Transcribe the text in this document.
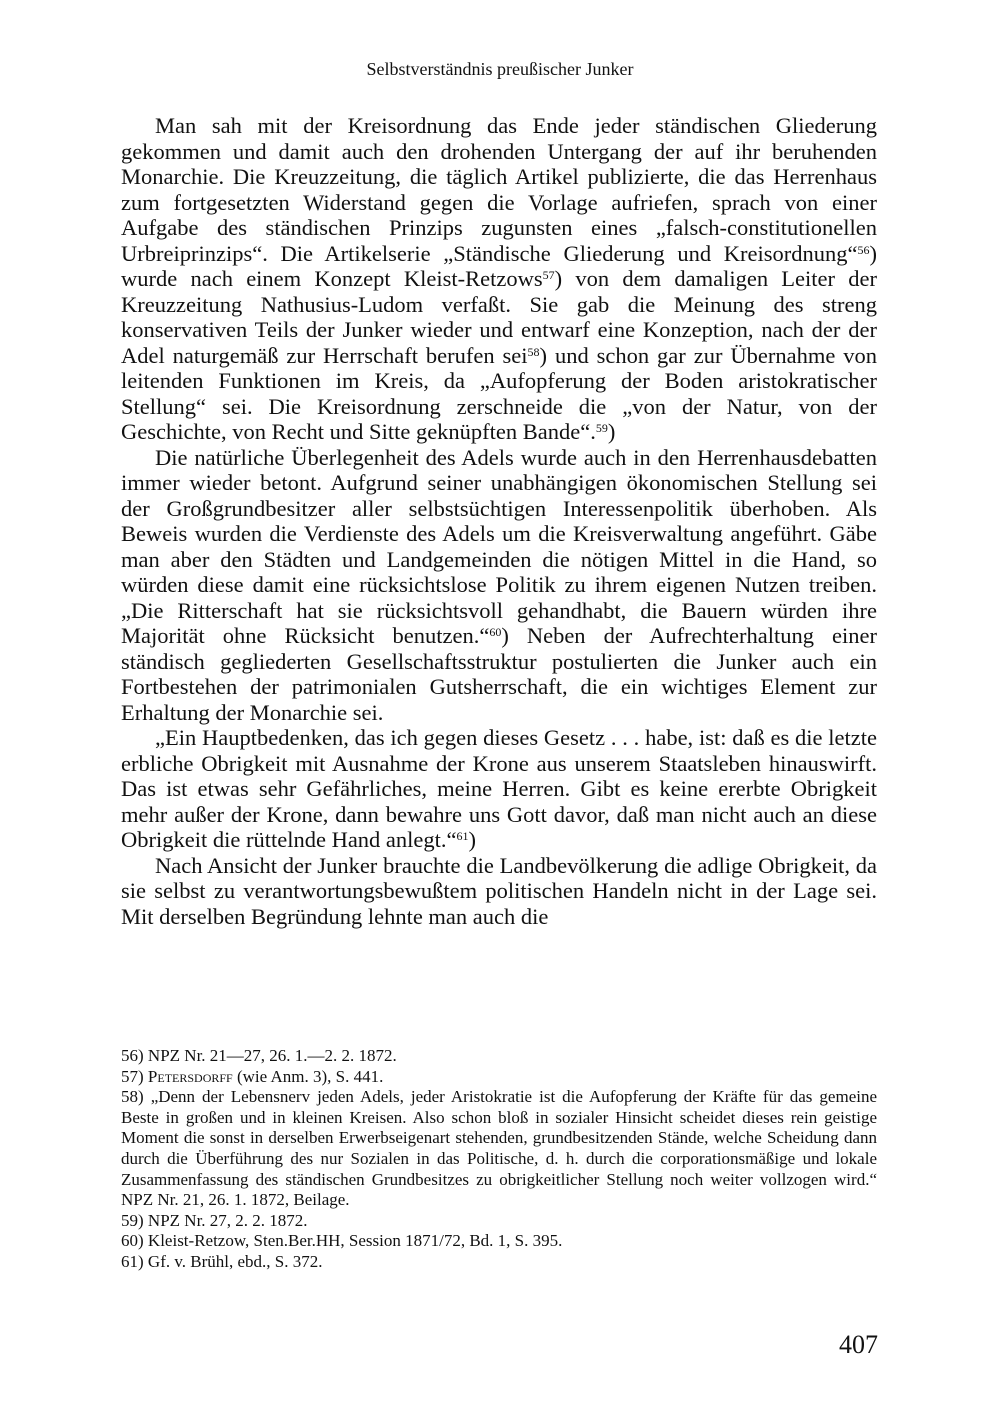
Selbstverständnis preußischer Junker

Man sah mit der Kreisordnung das Ende jeder ständischen Gliederung gekommen und damit auch den drohenden Untergang der auf ihr beruhenden Monarchie. Die Kreuzzeitung, die täglich Artikel publizierte, die das Herrenhaus zum fortgesetzten Widerstand gegen die Vorlage aufriefen, sprach von einer Aufgabe des ständischen Prinzips zugunsten eines „falsch-constitutionellen Urbreiprinzips“. Die Artikelserie „Ständische Gliederung und Kreisordnung“$^{56}$) wurde nach einem Konzept Kleist-Retzows$^{57}$) von dem damaligen Leiter der Kreuzzeitung Nathusius-Ludom verfaßt. Sie gab die Meinung des streng konservativen Teils der Junker wieder und entwarf eine Konzeption, nach der der Adel naturgemäß zur Herrschaft berufen sei$^{58}$) und schon gar zur Übernahme von leitenden Funktionen im Kreis, da „Aufopferung der Boden aristokratischer Stellung“ sei. Die Kreisordnung zerschneide die „von der Natur, von der Geschichte, von Recht und Sitte geknüpften Bande“.$^{59}$)

Die natürliche Überlegenheit des Adels wurde auch in den Herrenhausdebatten immer wieder betont. Aufgrund seiner unabhängigen ökonomischen Stellung sei der Großgrundbesitzer aller selbstsüchtigen Interessenpolitik überhoben. Als Beweis wurden die Verdienste des Adels um die Kreisverwaltung angeführt. Gäbe man aber den Städten und Landgemeinden die nötigen Mittel in die Hand, so würden diese damit eine rücksichtslose Politik zu ihrem eigenen Nutzen treiben. „Die Ritterschaft hat sie rücksichtsvoll gehandhabt, die Bauern würden ihre Majorität ohne Rücksicht benutzen.“$^{60}$) Neben der Aufrechterhaltung einer ständisch gegliederten Gesellschaftsstruktur postulierten die Junker auch ein Fortbestehen der patrimonialen Gutsherrschaft, die ein wichtiges Element zur Erhaltung der Monarchie sei.

„Ein Hauptbedenken, das ich gegen dieses Gesetz . . . habe, ist: daß es die letzte erbliche Obrigkeit mit Ausnahme der Krone aus unserem Staatsleben hinauswirft. Das ist etwas sehr Gefährliches, meine Herren. Gibt es keine ererbte Obrigkeit mehr außer der Krone, dann bewahre uns Gott davor, daß man nicht auch an diese Obrigkeit die rüttelnde Hand anlegt.“$^{61}$)

Nach Ansicht der Junker brauchte die Landbevölkerung die adlige Obrigkeit, da sie selbst zu verantwortungsbewußtem politischen Handeln nicht in der Lage sei. Mit derselben Begründung lehnte man auch die

56) NPZ Nr. 21—27, 26. 1.—2. 2. 1872.

57) Petersdorff (wie Anm. 3), S. 441.

58) „Denn der Lebensnerv jeden Adels, jeder Aristokratie ist die Aufopferung der Kräfte für das gemeine Beste in großen und in kleinen Kreisen. Also schon bloß in sozialer Hinsicht scheidet dieses rein geistige Moment die sonst in derselben Erwerbseigenart stehenden, grundbesitzenden Stände, welche Scheidung dann durch die Überführung des nur Sozialen in das Politische, d. h. durch die corporationsmäßige und lokale Zusammenfassung des ständischen Grundbesitzes zu obrigkeitlicher Stellung noch weiter vollzogen wird.“ NPZ Nr. 21, 26. 1. 1872, Beilage.

59) NPZ Nr. 27, 2. 2. 1872.

60) Kleist-Retzow, Sten.Ber.HH, Session 1871/72, Bd. 1, S. 395.

61) Gf. v. Brühl, ebd., S. 372.

407
